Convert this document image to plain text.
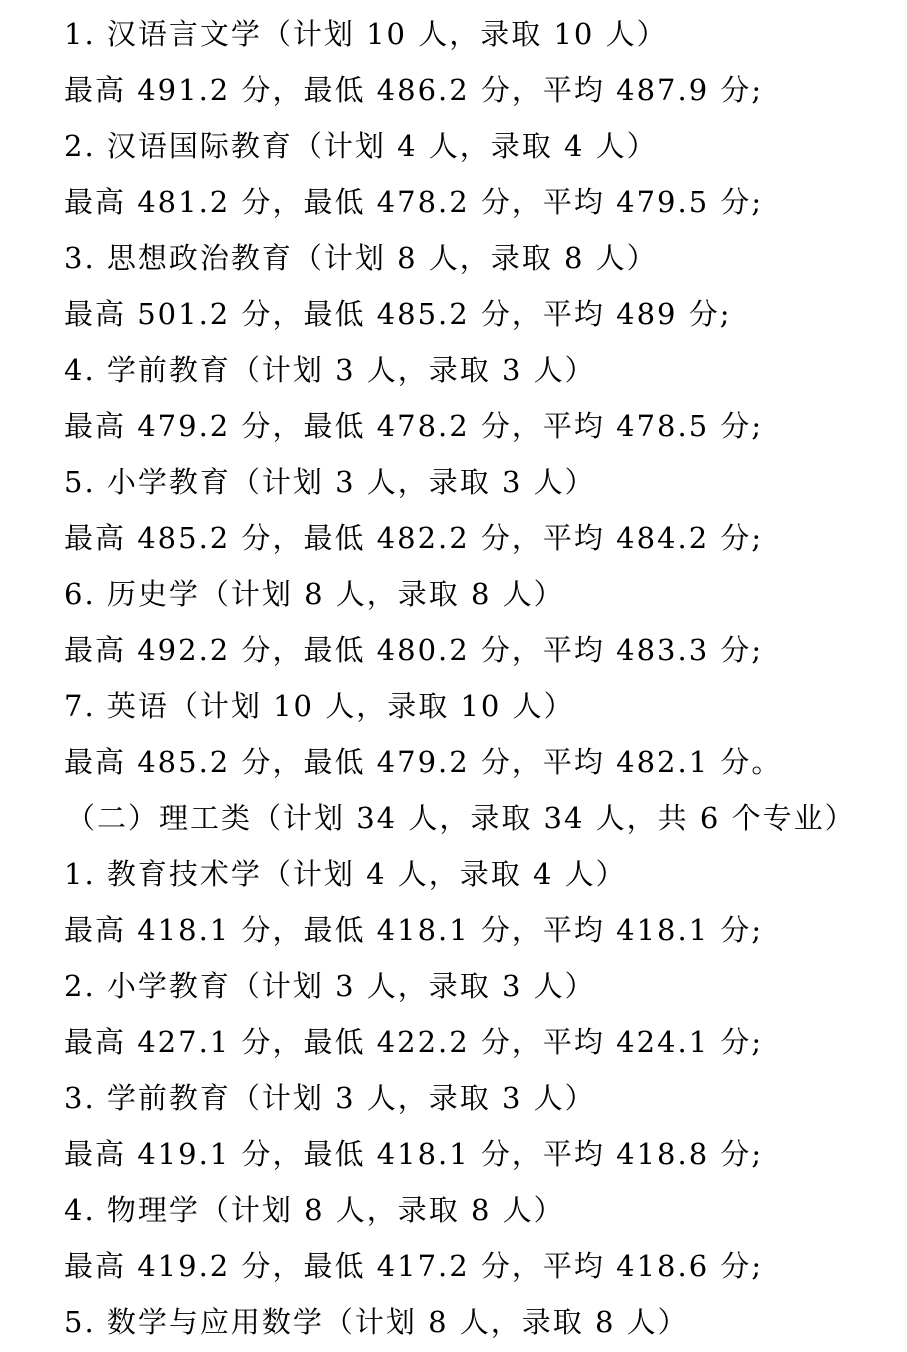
1. 汉语言文学（计划 10 人，录取 10 人）
最高 491.2 分，最低 486.2 分，平均 487.9 分;
2. 汉语国际教育（计划 4 人，录取 4 人）
最高 481.2 分，最低 478.2 分，平均 479.5 分;
3. 思想政治教育（计划 8 人，录取 8 人）
最高 501.2 分，最低 485.2 分，平均 489 分;
4. 学前教育（计划 3 人，录取 3 人）
最高 479.2 分，最低 478.2 分，平均 478.5 分;
5. 小学教育（计划 3 人，录取 3 人）
最高 485.2 分，最低 482.2 分，平均 484.2 分;
6. 历史学（计划 8 人，录取 8 人）
最高 492.2 分，最低 480.2 分，平均 483.3 分;
7. 英语（计划 10 人，录取 10 人）
最高 485.2 分，最低 479.2 分，平均 482.1 分。
（二）理工类（计划 34 人，录取 34 人，共 6 个专业）
1. 教育技术学（计划 4 人，录取 4 人）
最高 418.1 分，最低 418.1 分，平均 418.1 分;
2. 小学教育（计划 3 人，录取 3 人）
最高 427.1 分，最低 422.2 分，平均 424.1 分;
3. 学前教育（计划 3 人，录取 3 人）
最高 419.1 分，最低 418.1 分，平均 418.8 分;
4. 物理学（计划 8 人，录取 8 人）
最高 419.2 分，最低 417.2 分，平均 418.6 分;
5. 数学与应用数学（计划 8 人，录取 8 人）
